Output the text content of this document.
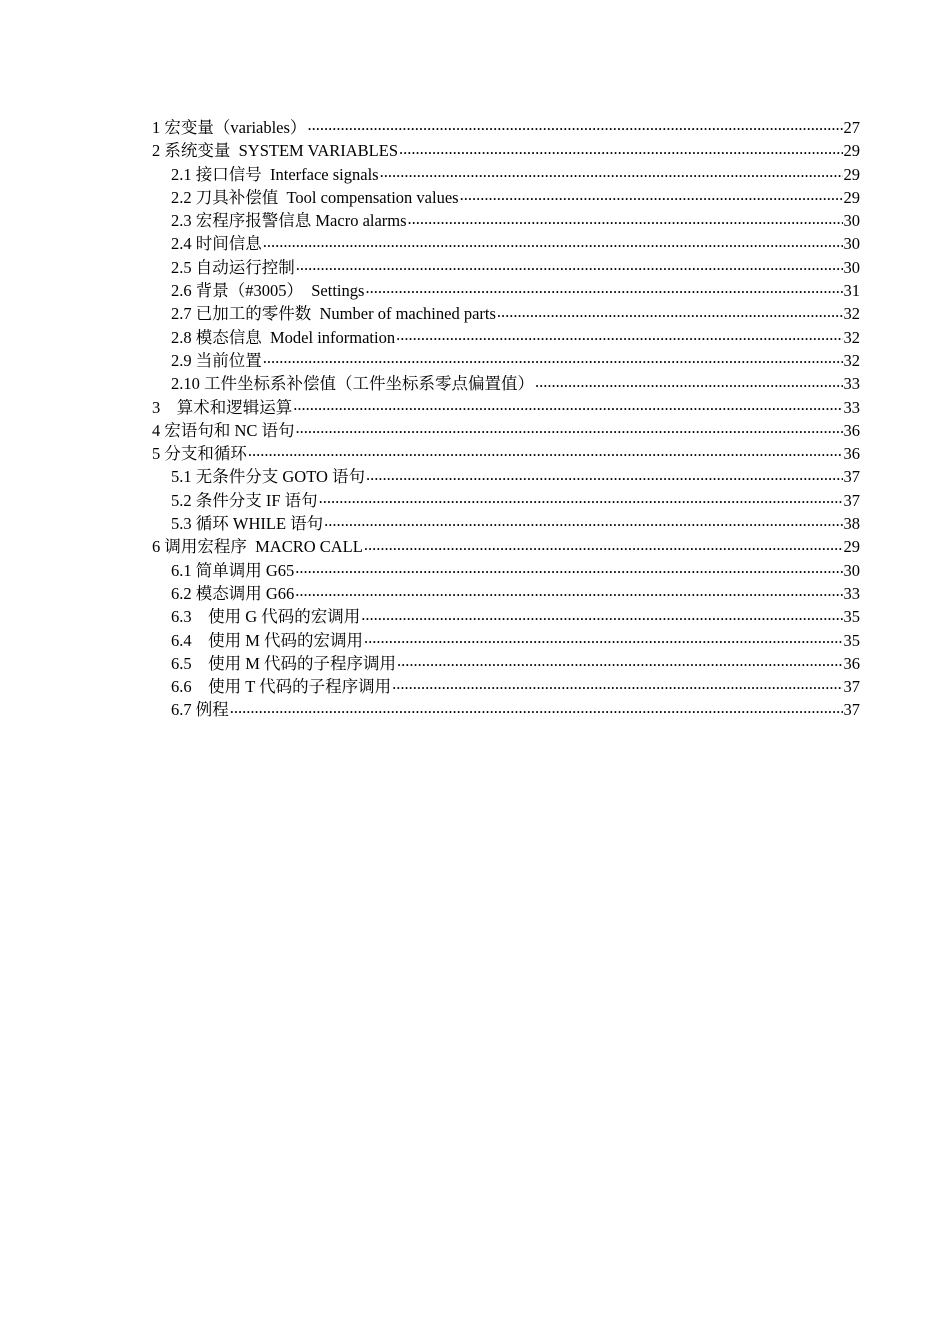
1 宏变量（variables） .....	27
2 系统变量  SYSTEM VARIABLES .....	29
2.1 接口信号  Interface signals .....	29
2.2 刀具补偿值  Tool compensation values .....	29
2.3 宏程序报警信息 Macro alarms .....	30
2.4 时间信息 .....	30
2.5 自动运行控制 .....	30
2.6 背景（#3005）  Settings .....	31
2.7 已加工的零件数  Number of machined parts .....	32
2.8 模态信息  Model information .....	32
2.9 当前位置 .....	32
2.10 工件坐标系补偿值（工件坐标系零点偏置值） .....	33
3    算术和逻辑运算 .....	33
4 宏语句和 NC 语句 .....	36
5 分支和循环 .....	36
5.1 无条件分支 GOTO 语句 .....	37
5.2 条件分支 IF 语句 .....	37
5.3 循环 WHILE 语句 .....	38
6 调用宏程序  MACRO CALL .....	29
6.1 简单调用 G65 .....	30
6.2 模态调用 G66 .....	33
6.3    使用 G 代码的宏调用 .....	35
6.4    使用 M 代码的宏调用 .....	35
6.5    使用 M 代码的子程序调用 .....	36
6.6    使用 T 代码的子程序调用 .....	37
6.7 例程 .....	37
